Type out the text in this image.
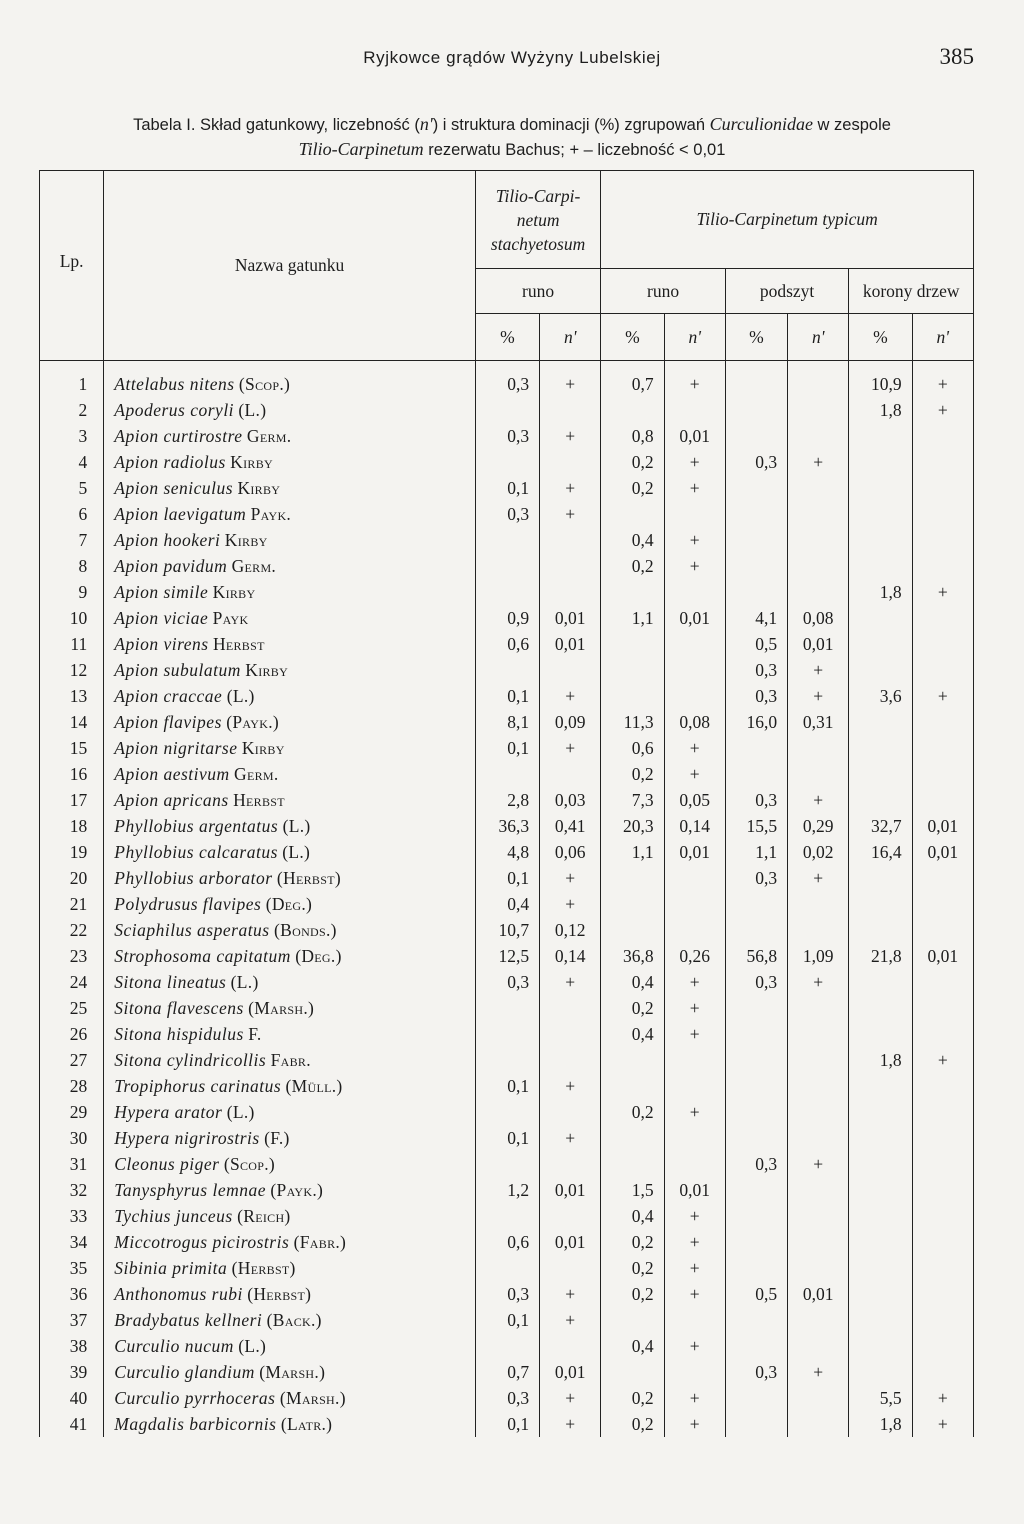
Ryjkowce grądów Wyżyny Lubelskiej	385
Tabela I. Skład gatunkowy, liczebność (n') i struktura dominacji (%) zgrupowań Curculionidae w zespole
Tilio-Carpinetum rezerwatu Bachus; + – liczebność < 0,01
Lp.	Nazwa gatunku	Tilio-Carpi-
netum
stachyetosum		Tilio-Carpinetum typicum					
		runo		runo		podszyt		korony drzew	
		%	n'	%	n'	%	n'	%	n'

1	Attelabus nitens (Scop.)	0,3	+	0,7	+			10,9	+
2	Apoderus coryli (L.)							1,8	+
3	Apion curtirostre Germ.	0,3	+	0,8	0,01				
4	Apion radiolus Kirby			0,2	+	0,3	+		
5	Apion seniculus Kirby	0,1	+	0,2	+				
6	Apion laevigatum Payk.	0,3	+						
7	Apion hookeri Kirby			0,4	+				
8	Apion pavidum Germ.			0,2	+				
9	Apion simile Kirby							1,8	+
10	Apion viciae Payk	0,9	0,01	1,1	0,01	4,1	0,08		
11	Apion virens Herbst	0,6	0,01			0,5	0,01		
12	Apion subulatum Kirby					0,3	+		
13	Apion craccae (L.)	0,1	+			0,3	+	3,6	+
14	Apion flavipes (Payk.)	8,1	0,09	11,3	0,08	16,0	0,31		
15	Apion nigritarse Kirby	0,1	+	0,6	+				
16	Apion aestivum Germ.			0,2	+				
17	Apion apricans Herbst	2,8	0,03	7,3	0,05	0,3	+		
18	Phyllobius argentatus (L.)	36,3	0,41	20,3	0,14	15,5	0,29	32,7	0,01
19	Phyllobius calcaratus (L.)	4,8	0,06	1,1	0,01	1,1	0,02	16,4	0,01
20	Phyllobius arborator (Herbst)	0,1	+			0,3	+		
21	Polydrusus flavipes (Deg.)	0,4	+						
22	Sciaphilus asperatus (Bonds.)	10,7	0,12						
23	Strophosoma capitatum (Deg.)	12,5	0,14	36,8	0,26	56,8	1,09	21,8	0,01
24	Sitona lineatus (L.)	0,3	+	0,4	+	0,3	+		
25	Sitona flavescens (Marsh.)			0,2	+				
26	Sitona hispidulus F.			0,4	+				
27	Sitona cylindricollis Fabr.							1,8	+
28	Tropiphorus carinatus (Müll.)	0,1	+						
29	Hypera arator (L.)			0,2	+				
30	Hypera nigrirostris (F.)	0,1	+						
31	Cleonus piger (Scop.)					0,3	+		
32	Tanysphyrus lemnae (Payk.)	1,2	0,01	1,5	0,01				
33	Tychius junceus (Reich)			0,4	+				
34	Miccotrogus picirostris (Fabr.)	0,6	0,01	0,2	+				
35	Sibinia primita (Herbst)			0,2	+				
36	Anthonomus rubi (Herbst)	0,3	+	0,2	+	0,5	0,01		
37	Bradybatus kellneri (Back.)	0,1	+						
38	Curculio nucum (L.)			0,4	+				
39	Curculio glandium (Marsh.)	0,7	0,01			0,3	+		
40	Curculio pyrrhoceras (Marsh.)	0,3	+	0,2	+			5,5	+
41	Magdalis barbicornis (Latr.)	0,1	+	0,2	+			1,8	+
